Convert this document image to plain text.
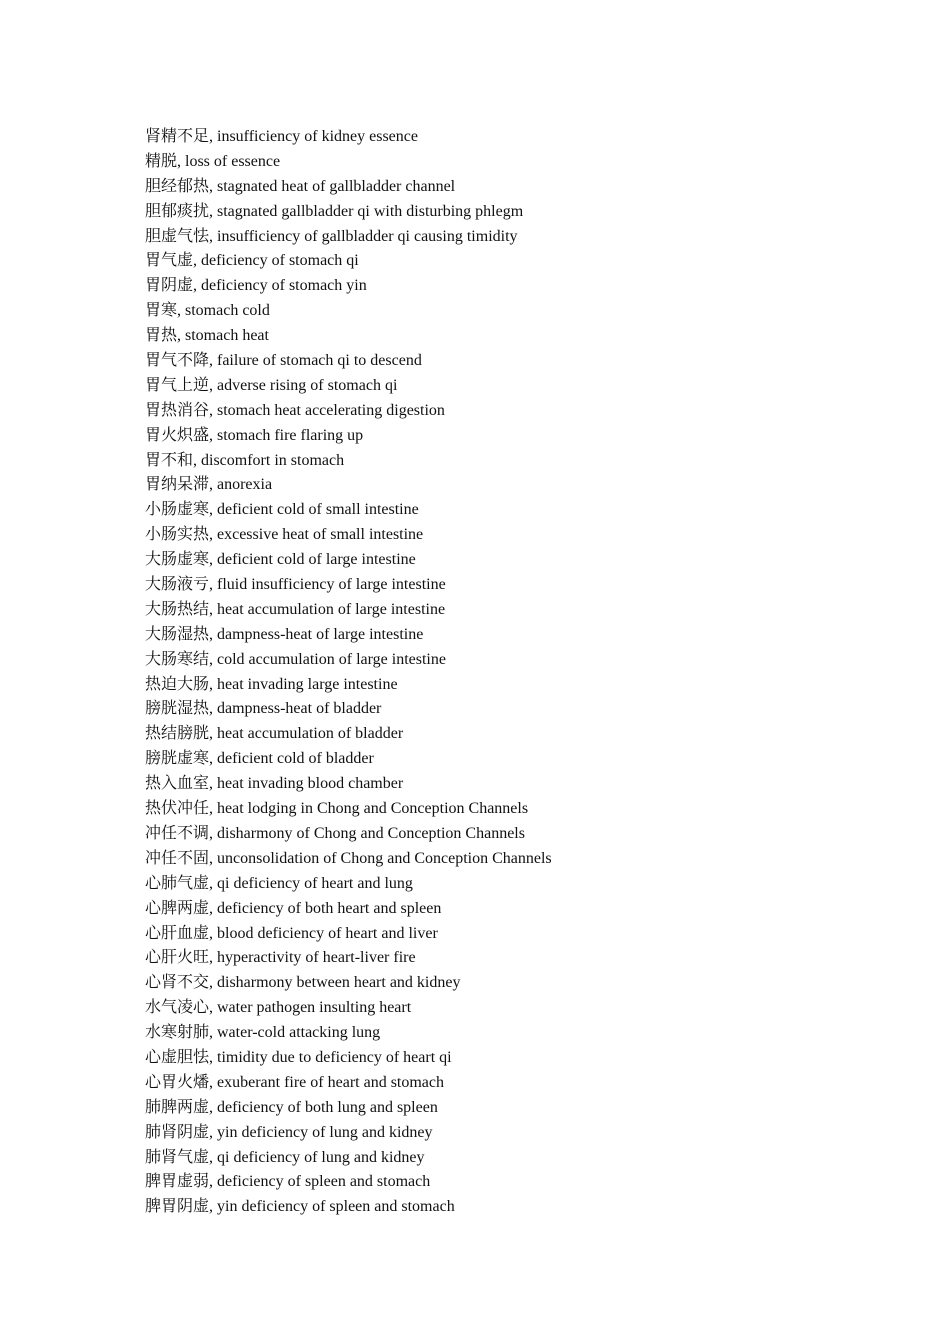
肾精不足, insufficiency of kidney essence
精脱, loss of essence
胆经郁热, stagnated heat of gallbladder channel
胆郁痰扰, stagnated gallbladder qi with disturbing phlegm
胆虚气怯, insufficiency of gallbladder qi causing timidity
胃气虚, deficiency of stomach qi
胃阴虚, deficiency of stomach yin
胃寒, stomach cold
胃热, stomach heat
胃气不降, failure of stomach qi to descend
胃气上逆, adverse rising of stomach qi
胃热消谷, stomach heat accelerating digestion
胃火炽盛, stomach fire flaring up
胃不和, discomfort in stomach
胃纳呆滞, anorexia
小肠虚寒, deficient cold of small intestine
小肠实热, excessive heat of small intestine
大肠虚寒, deficient cold of large intestine
大肠液亏, fluid insufficiency of large intestine
大肠热结, heat accumulation of large intestine
大肠湿热, dampness-heat of large intestine
大肠寒结, cold accumulation of large intestine
热迫大肠, heat invading large intestine
膀胱湿热, dampness-heat of bladder
热结膀胱, heat accumulation of bladder
膀胱虚寒, deficient cold of bladder
热入血室, heat invading blood chamber
热伏冲任, heat lodging in Chong and Conception Channels
冲任不调, disharmony of Chong and Conception Channels
冲任不固, unconsolidation of Chong and Conception Channels
心肺气虚, qi deficiency of heart and lung
心脾两虚, deficiency of both heart and spleen
心肝血虚, blood deficiency of heart and liver
心肝火旺, hyperactivity of heart-liver fire
心肾不交, disharmony between heart and kidney
水气凌心, water pathogen insulting heart
水寒射肺, water-cold attacking lung
心虚胆怯, timidity due to deficiency of heart qi
心胃火燔, exuberant fire of heart and stomach
肺脾两虚, deficiency of both lung and spleen
肺肾阴虚, yin deficiency of lung and kidney
肺肾气虚, qi deficiency of lung and kidney
脾胃虚弱, deficiency of spleen and stomach
脾胃阴虚, yin deficiency of spleen and stomach
